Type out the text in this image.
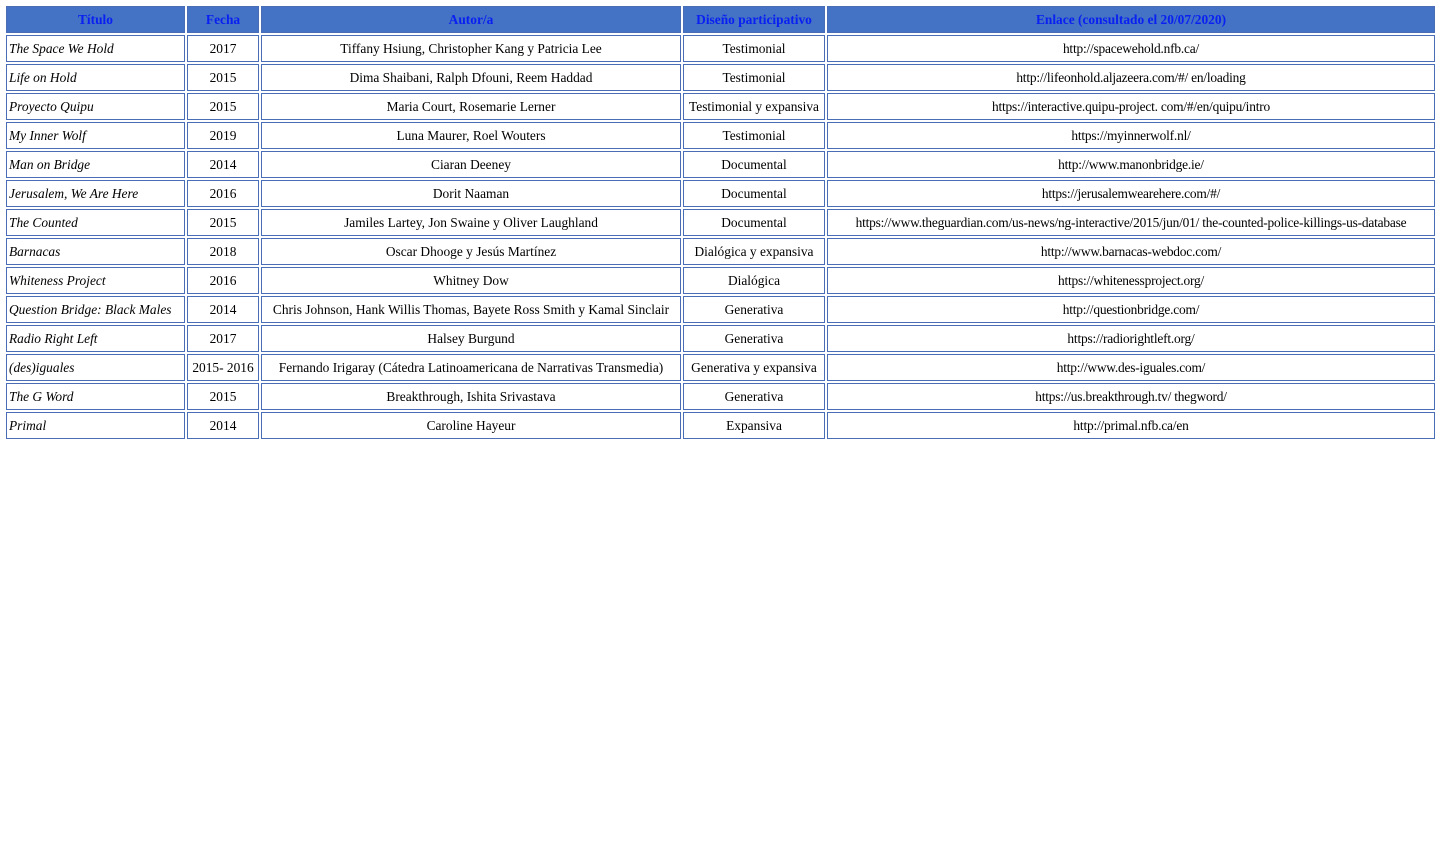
Título	Fecha	Autor/a	Diseño participativo	Enlace (consultado el 20/07/2020)
The Space We Hold	2017	Tiffany Hsiung, Christopher Kang y Patricia Lee	Testimonial	http://spacewehold.nfb.ca/
Life on Hold	2015	Dima Shaibani, Ralph Dfouni, Reem Haddad	Testimonial	http://lifeonhold.aljazeera.com/#/ en/loading
Proyecto Quipu	2015	Maria Court, Rosemarie Lerner	Testimonial y expansiva	https://interactive.quipu-project. com/#/en/quipu/intro
My Inner Wolf	2019	Luna Maurer, Roel Wouters	Testimonial	https://myinnerwolf.nl/
Man on Bridge	2014	Ciaran Deeney	Documental	http://www.manonbridge.ie/
Jerusalem, We Are Here	2016	Dorit Naaman	Documental	https://jerusalemwearehere.com/#/
The Counted	2015	Jamiles Lartey, Jon Swaine y Oliver Laughland	Documental	https://www.theguardian.com/us-news/ng-interactive/2015/jun/01/ the-counted-police-killings-us-database
Barnacas	2018	Oscar Dhooge y Jesús Martínez	Dialógica y expansiva	http://www.barnacas-webdoc.com/
Whiteness Project	2016	Whitney Dow	Dialógica	https://whitenessproject.org/
Question Bridge: Black Males	2014	Chris Johnson, Hank Willis Thomas, Bayete Ross Smith y Kamal Sinclair	Generativa	http://questionbridge.com/
Radio Right Left	2017	Halsey Burgund	Generativa	https://radiorightleft.org/
(des)iguales	2015- 2016	Fernando Irigaray (Cátedra Latinoamericana de Narrativas Transmedia)	Generativa y expansiva	http://www.des-iguales.com/
The G Word	2015	Breakthrough, Ishita Srivastava	Generativa	https://us.breakthrough.tv/ thegword/
Primal	2014	Caroline Hayeur	Expansiva	http://primal.nfb.ca/en
